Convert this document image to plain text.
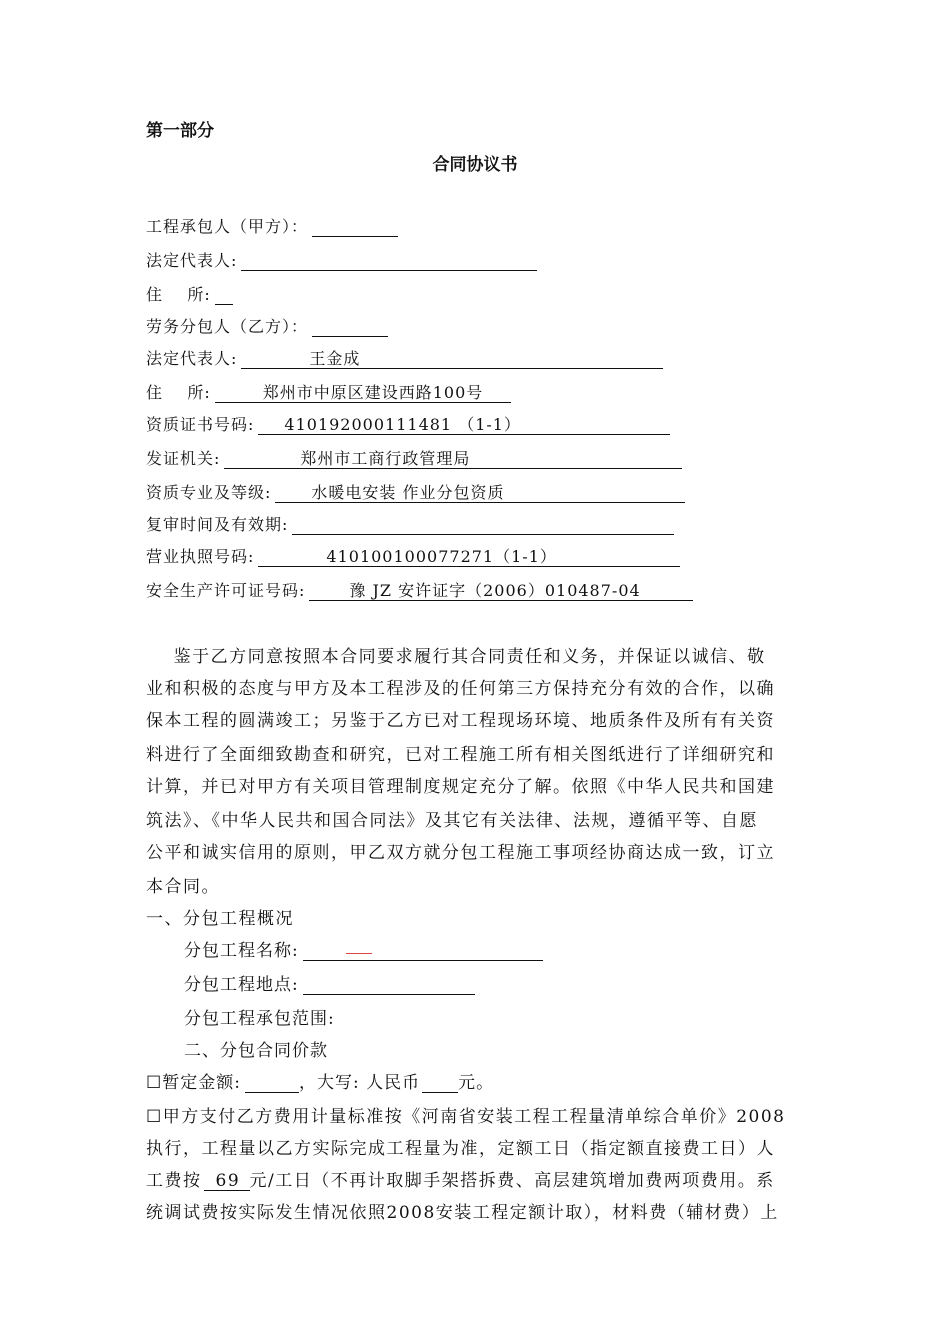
第一部分
合同协议书
工程承包人（甲方）：
法定代表人:
住    所:
劳务分包人（乙方）：
法定代表人:	王金成
住    所:	郑州市中原区建设西路100号
资质证书号码:	410192000111481 （1-1）
发证机关:	郑州市工商行政管理局
资质专业及等级:	水暖电安装 作业分包资质
复审时间及有效期:
营业执照号码:	410100100077271（1-1）
安全生产许可证号码:	豫 JZ 安许证字（2006）010487-04
鉴于乙方同意按照本合同要求履行其合同责任和义务，并保证以诚信、敬
业和积极的态度与甲方及本工程涉及的任何第三方保持充分有效的合作，以确
保本工程的圆满竣工；另鉴于乙方已对工程现场环境、地质条件及所有有关资
料进行了全面细致勘查和研究，已对工程施工所有相关图纸进行了详细研究和
计算，并已对甲方有关项目管理制度规定充分了解。依照《中华人民共和国建
筑法》、《中华人民共和国合同法》及其它有关法律、法规，遵循平等、自愿
公平和诚实信用的原则，甲乙双方就分包工程施工事项经协商达成一致，订立
本合同。
一、分包工程概况
分包工程名称:
分包工程地点:
分包工程承包范围:
二、分包合同价款
☐暂定金额:	，大写: 人民币 元。
☐甲方支付乙方费用计量标准按《河南省安装工程工程量清单综合单价》2008
执行，工程量以乙方实际完成工程量为准，定额工日（指定额直接费工日）人
工费按 69 元/工日（不再计取脚手架搭拆费、高层建筑增加费两项费用。系
统调试费按实际发生情况依照2008安装工程定额计取），材料费（辅材费）上
